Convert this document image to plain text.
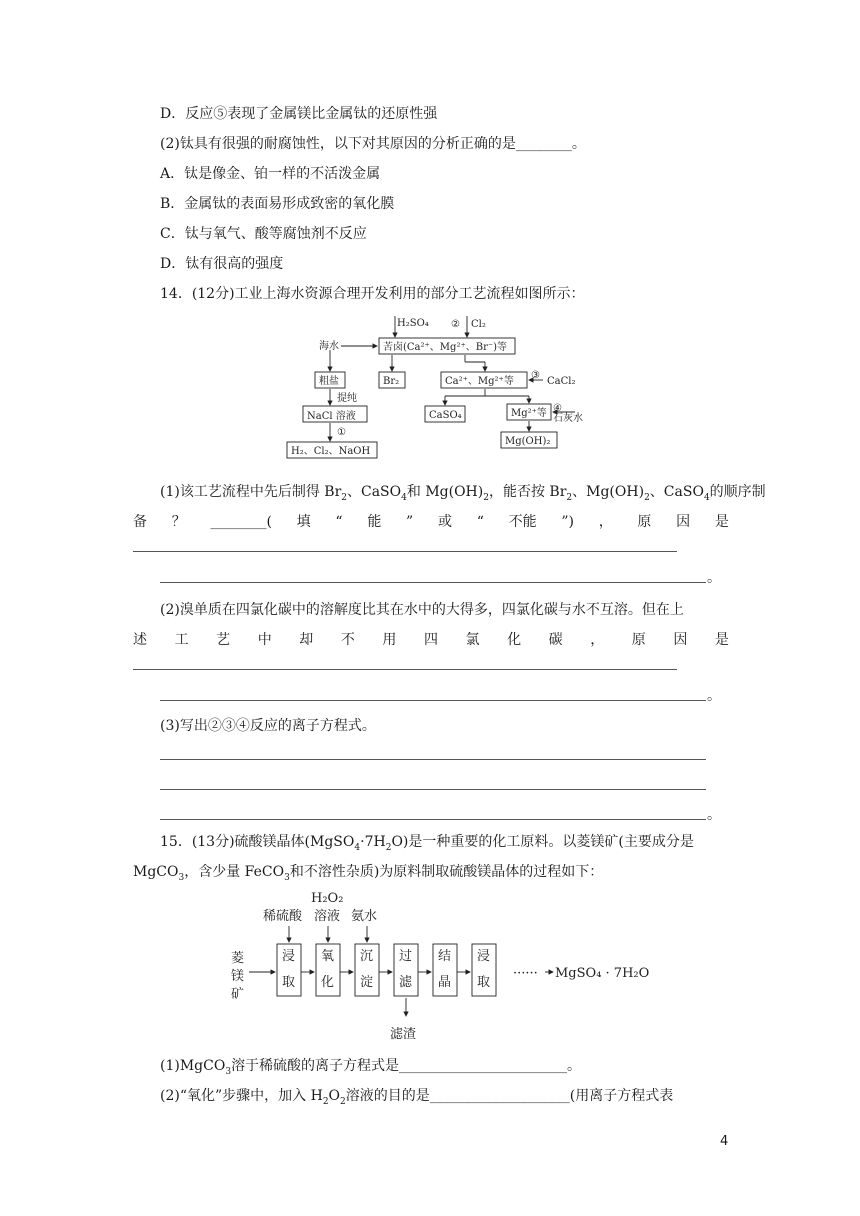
D．反应⑤表现了金属镁比金属钛的还原性强
(2)钛具有很强的耐腐蚀性，以下对其原因的分析正确的是________。
A．钛是像金、铂一样的不活泼金属
B．金属钛的表面易形成致密的氧化膜
C．钛与氧气、酸等腐蚀剂不反应
D．钛有很高的强度
14．(12分)工业上海水资源合理开发利用的部分工艺流程如图所示：
海水
H₂SO₄ ② Cl₂
苦卤(Ca²⁺、Mg²⁺、Br⁻)等
粗盐
提纯
NaCl 溶液
①
H₂、Cl₂、NaOH
Br₂	Ca²⁺、Mg²⁺等
③
CaCl₂
CaSO₄	Mg²⁺等 ④
石灰水
Mg(OH)₂
(1)该工艺流程中先后制得 $Br_2$、CaSO$_4$和 $Mg(OH)_2$，能否按 $Br_2$、$Mg(OH)_2$、CaSO$_4$的顺序制
备 ？ ________( 填 “ 能 ” 或 “ 不能 ”) ， 原 因 是
。
(2)溴单质在四氯化碳中的溶解度比其在水中的大得多，四氯化碳与水不互溶。但在上
述 工 艺 中 却 不 用 四 氯 化 碳 ， 原 因 是
。
(3)写出②③④反应的离子方程式。
。
15．(13分)硫酸镁晶体$(MgSO_4\cdot 7H_2O)$是一种重要的化工原料。以菱镁矿(主要成分是
MgCO$_3$，含少量 FeCO$_3$和不溶性杂质)为原料制取硫酸镁晶体的过程如下：
H₂O₂
稀硫酸 溶液 氨水
菱
镁
矿
浸
取
氧
化
沉
淀
过
滤
结
晶
浸
取
······ MgSO₄ · 7H₂O
滤渣
(1)MgCO$_3$溶于稀硫酸的离子方程式是________________________。
(2)“氧化”步骤中，加入 $H_2O_2$溶液的目的是____________________(用离子方程式表
4
